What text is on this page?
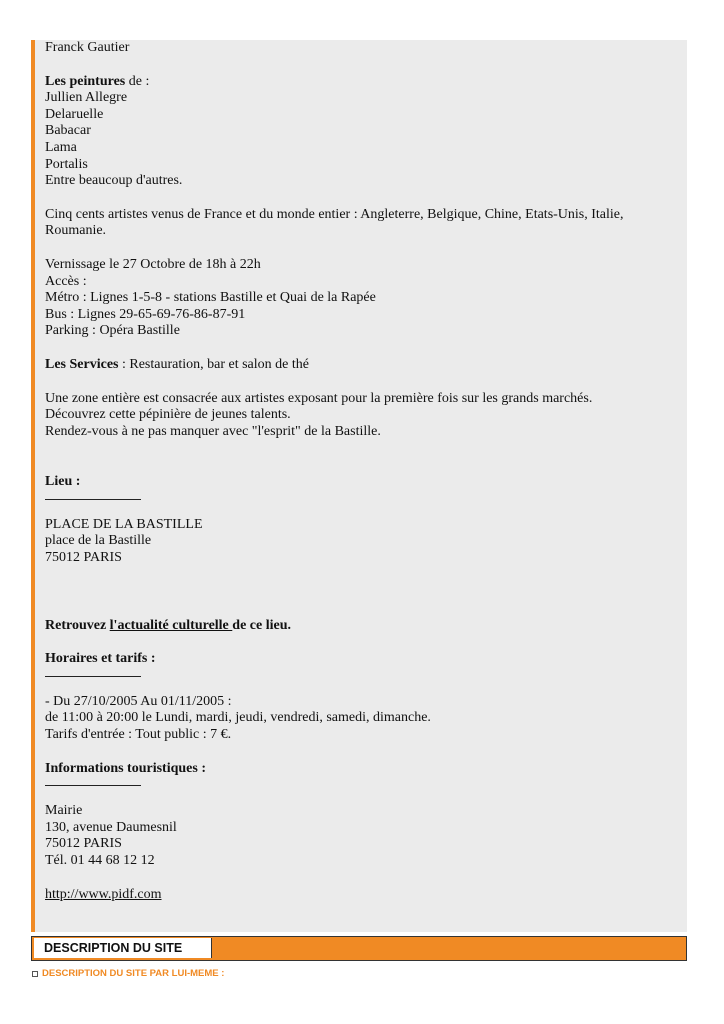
Franck Gautier
Les peintures de :
Jullien Allegre
Delaruelle
Babacar
Lama
Portalis
Entre beaucoup d'autres.
Cinq cents artistes venus de France et du monde entier : Angleterre, Belgique, Chine, Etats-Unis, Italie, Roumanie.
Vernissage le 27 Octobre de 18h à 22h
Accès :
Métro : Lignes 1-5-8 - stations Bastille et Quai de la Rapée
Bus : Lignes 29-65-69-76-86-87-91
Parking : Opéra Bastille
Les Services : Restauration, bar et salon de thé
Une zone entière est consacrée aux artistes exposant pour la première fois sur les grands marchés.
Découvrez cette pépinière de jeunes talents.
Rendez-vous à ne pas manquer avec "l'esprit" de la Bastille.
Lieu :
PLACE DE LA BASTILLE
place de la Bastille
75012 PARIS
Retrouvez l'actualité culturelle de ce lieu.
Horaires et tarifs :
- Du 27/10/2005 Au 01/11/2005 :
de 11:00 à 20:00 le Lundi, mardi, jeudi, vendredi, samedi, dimanche.
Tarifs d'entrée : Tout public : 7 €.
Informations touristiques :
Mairie
130, avenue Daumesnil
75012 PARIS
Tél. 01 44 68 12 12
http://www.pidf.com
DESCRIPTION DU SITE
DESCRIPTION DU SITE PAR LUI-MEME :
